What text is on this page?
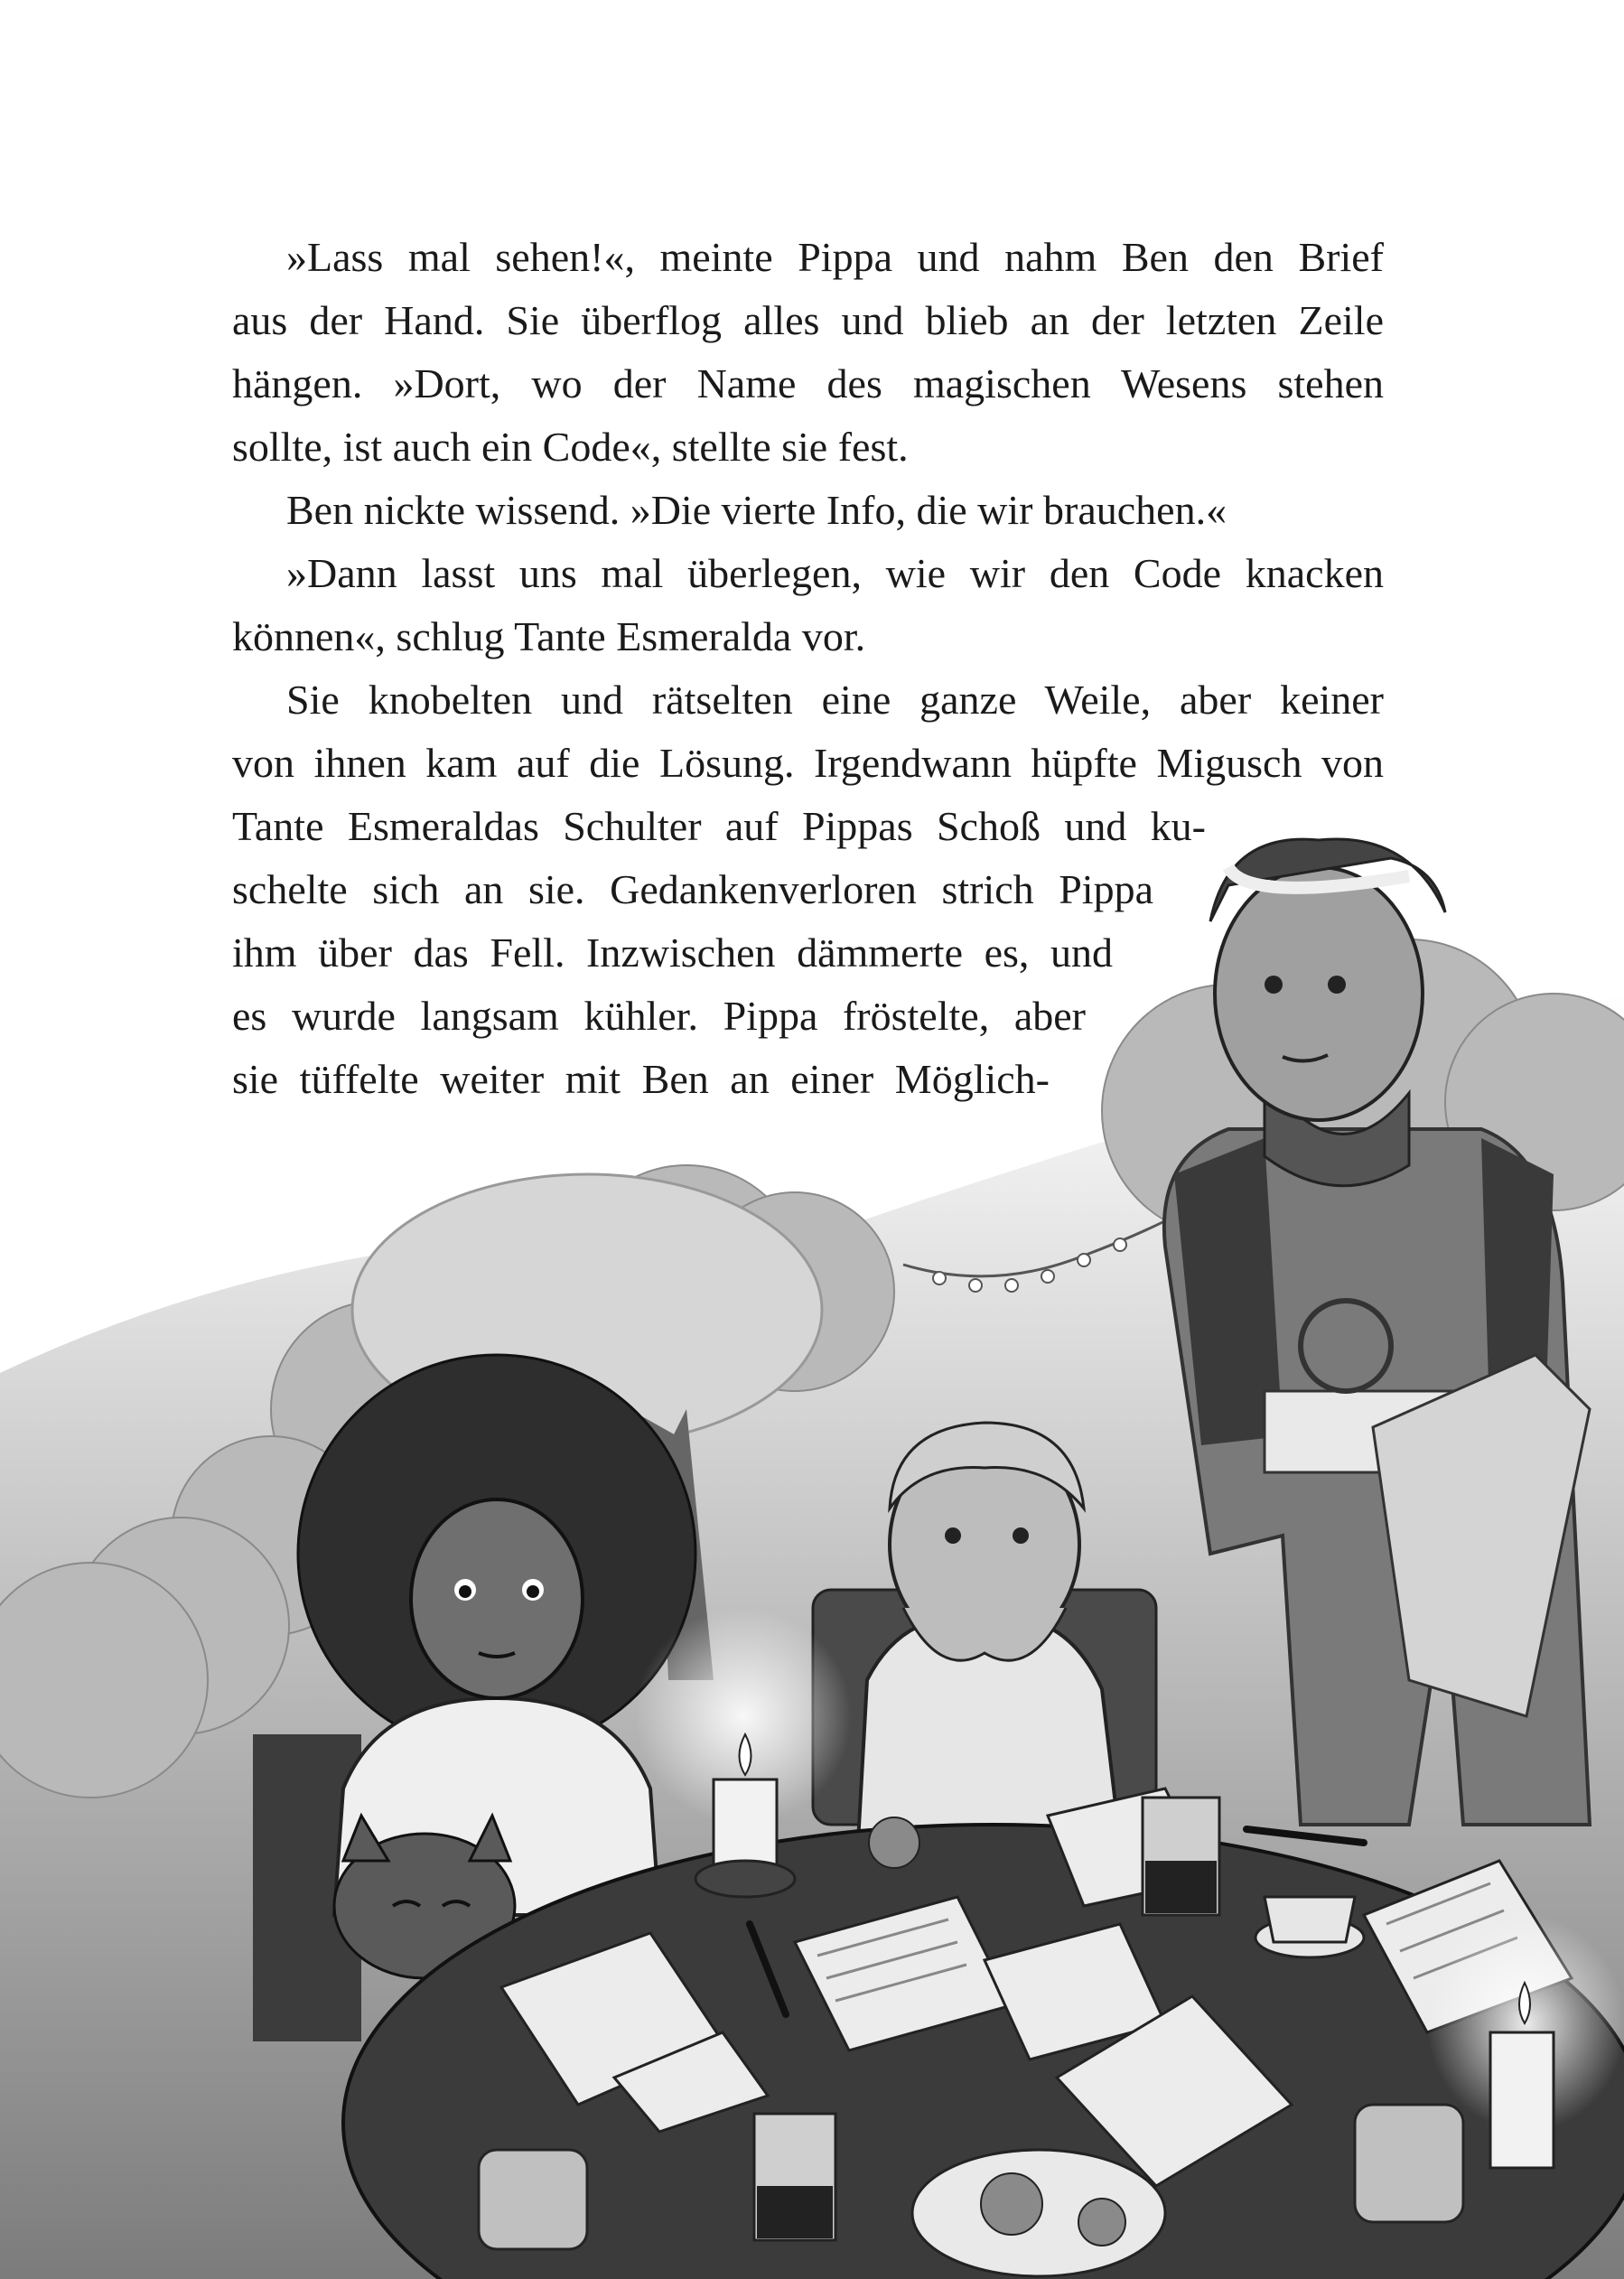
»Lass mal sehen!«, meinte Pippa und nahm Ben den Brief
aus der Hand. Sie überflog alles und blieb an der letzten Zeile
hängen. »Dort, wo der Name des magischen Wesens stehen
sollte, ist auch ein Code«, stellte sie fest.
Ben nickte wissend. »Die vierte Info, die wir brauchen.«
»Dann lasst uns mal überlegen, wie wir den Code knacken
können«, schlug Tante Esmeralda vor.
Sie knobelten und rätselten eine ganze Weile, aber keiner
von ihnen kam auf die Lösung. Irgendwann hüpfte Migusch von
Tante Esmeraldas Schulter auf Pippas Schoß und ku-
schelte sich an sie. Gedankenverloren strich Pippa
ihm über das Fell. Inzwischen dämmerte es, und
es wurde langsam kühler. Pippa fröstelte, aber
sie tüffelte weiter mit Ben an einer Möglich-
